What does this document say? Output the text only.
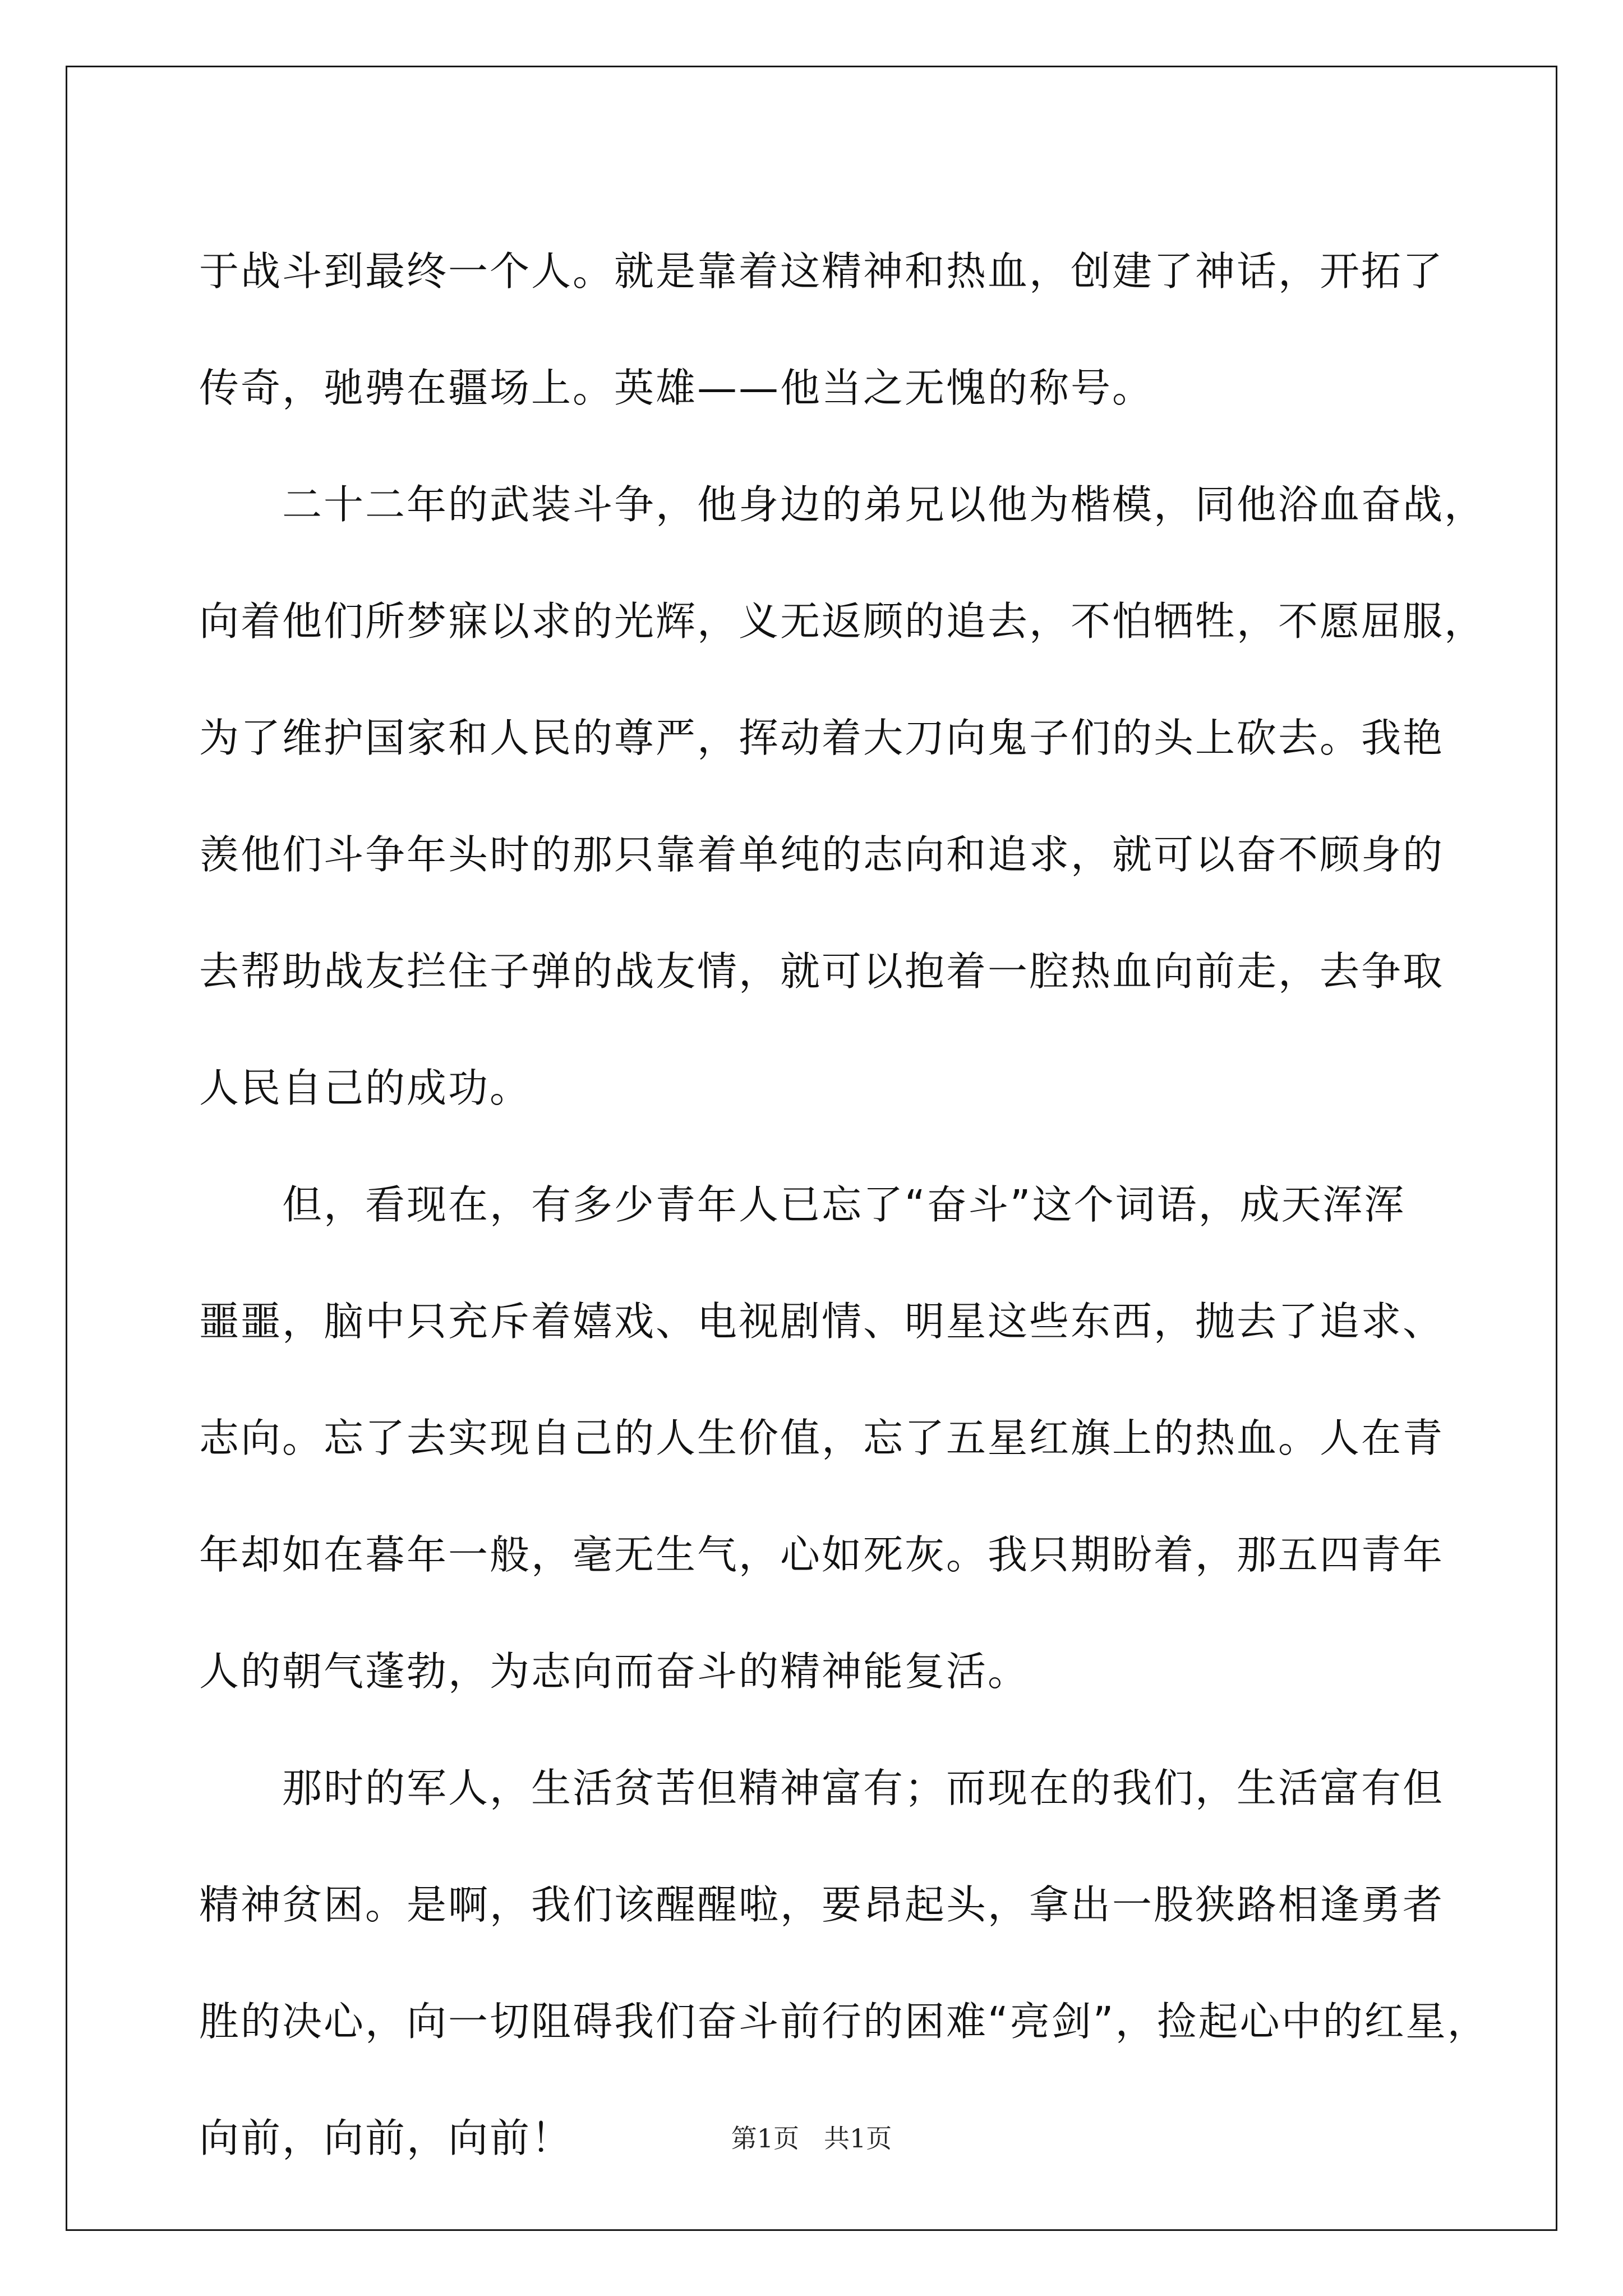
于战斗到最终一个人。就是靠着这精神和热血，创建了神话，开拓了
传奇，驰骋在疆场上。英雄——他当之无愧的称号。
二十二年的武装斗争，他身边的弟兄以他为楷模，同他浴血奋战，
向着他们所梦寐以求的光辉，义无返顾的追去，不怕牺牲，不愿屈服，
为了维护国家和人民的尊严，挥动着大刀向鬼子们的头上砍去。我艳
羡他们斗争年头时的那只靠着单纯的志向和追求，就可以奋不顾身的
去帮助战友拦住子弹的战友情，就可以抱着一腔热血向前走，去争取
人民自己的成功。
但，看现在，有多少青年人已忘了“奋斗”这个词语，成天浑浑
噩噩，脑中只充斥着嬉戏、电视剧情、明星这些东西，抛去了追求、
志向。忘了去实现自己的人生价值，忘了五星红旗上的热血。人在青
年却如在暮年一般，毫无生气，心如死灰。我只期盼着，那五四青年
人的朝气蓬勃，为志向而奋斗的精神能复活。
那时的军人，生活贫苦但精神富有；而现在的我们，生活富有但
精神贫困。是啊，我们该醒醒啦，要昂起头，拿出一股狭路相逢勇者
胜的决心，向一切阻碍我们奋斗前行的困难“亮剑”，捡起心中的红星，
向前，向前，向前！	第1页 共1页
